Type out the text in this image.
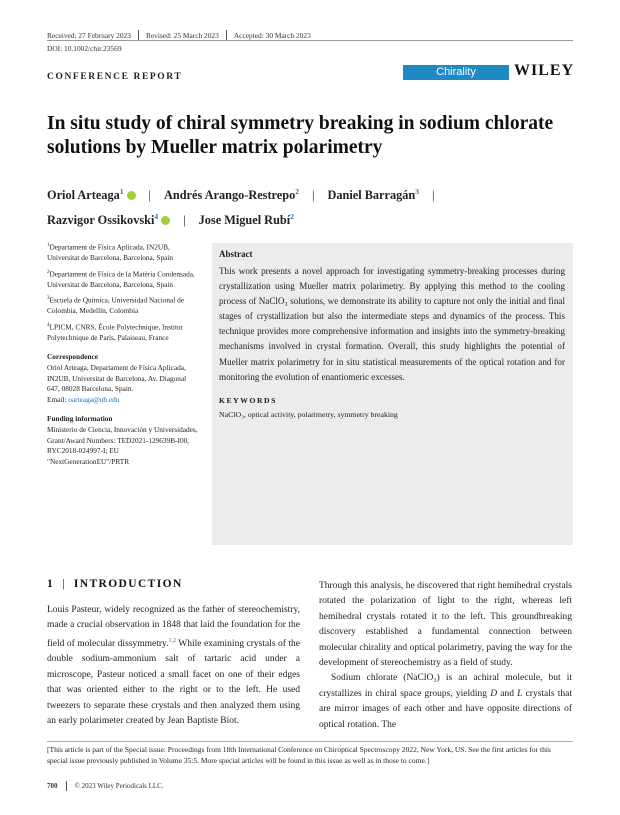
Received: 27 February 2023 Revised: 25 March 2023 Accepted: 30 March 2023
DOI: 10.1002/chir.23569
CONFERENCE REPORT	Chirality	WILEY
In situ study of chiral symmetry breaking in sodium chlorate solutions by Mueller matrix polarimetry
Oriol Arteaga$^1$ | Andrés Arango-Restrepo$^2$ | Daniel Barragán$^3$ |
Razvigor Ossikovski$^4$ | Jose Miguel Rubí$^2$
$^1$Departament de Física Aplicada, IN2UB, Universitat de Barcelona, Barcelona, Spain
$^2$Departament de Física de la Matèria Condensada, Universitat de Barcelona, Barcelona, Spain
$^3$Escuela de Química, Universidad Nacional de Colombia, Medellín, Colombia
$^4$LPICM, CNRS, École Polytechnique, Institut Polytechnique de Paris, Palaiseau, France
Correspondence
Oriol Arteaga, Departament de Física Aplicada, IN2UB, Universitat de Barcelona, Av. Diagonal 647, 08028 Barcelona, Spain.
Email: oarteaga@ub.edu
Funding information
Ministerio de Ciencia, Innovación y Universidades, Grant/Award Numbers: TED2021-129639B-I00, RYC2018-024997-I; EU "NextGenerationEU"/PRTR
Abstract
This work presents a novel approach for investigating symmetry-breaking processes during crystallization using Mueller matrix polarimetry. By applying this method to the cooling process of NaClO₃ solutions, we demonstrate its ability to capture not only the initial and final stages of crystallization but also the intermediate steps and dynamics of the process. This technique provides more comprehensive information and insights into the symmetry-breaking mechanisms involved in crystal formation. Overall, this study highlights the potential of Mueller matrix polarimetry for in situ statistical measurements of the optical rotation and for monitoring the evolution of enantiomeric excesses.
KEYWORDS
NaClO₃, optical activity, polarimetry, symmetry breaking
1 | INTRODUCTION

Louis Pasteur, widely recognized as the father of stereochemistry, made a crucial observation in 1848 that laid the foundation for the field of molecular dissymmetry.$^{1,2}$ While examining crystals of the double sodium-ammonium salt of tartaric acid under a microscope, Pasteur noticed a small facet on one of their edges that was oriented either to the right or to the left. He used tweezers to separate these crystals and then analyzed them using an early polarimeter created by Jean Baptiste Biot.

Through this analysis, he discovered that right hemihedral crystals rotated the polarization of light to the right, whereas left hemihedral crystals rotated it to the left. This groundbreaking discovery established a fundamental connection between molecular chirality and optical polarimetry, paving the way for the development of stereochemistry as a field of study.

Sodium chlorate (NaClO₃) is an achiral molecule, but it crystallizes in chiral space groups, yielding D and L crystals that are mirror images of each other and have opposite directions of optical rotation. The

[This article is part of the Special issue: Proceedings from 18th International Conference on Chiroptical Spectroscopy 2022, New York, US. See the first articles for this special issue previously published in Volume 35:5. More special articles will be found in this issue as well as in those to come.]
700 © 2023 Wiley Periodicals LLC.
